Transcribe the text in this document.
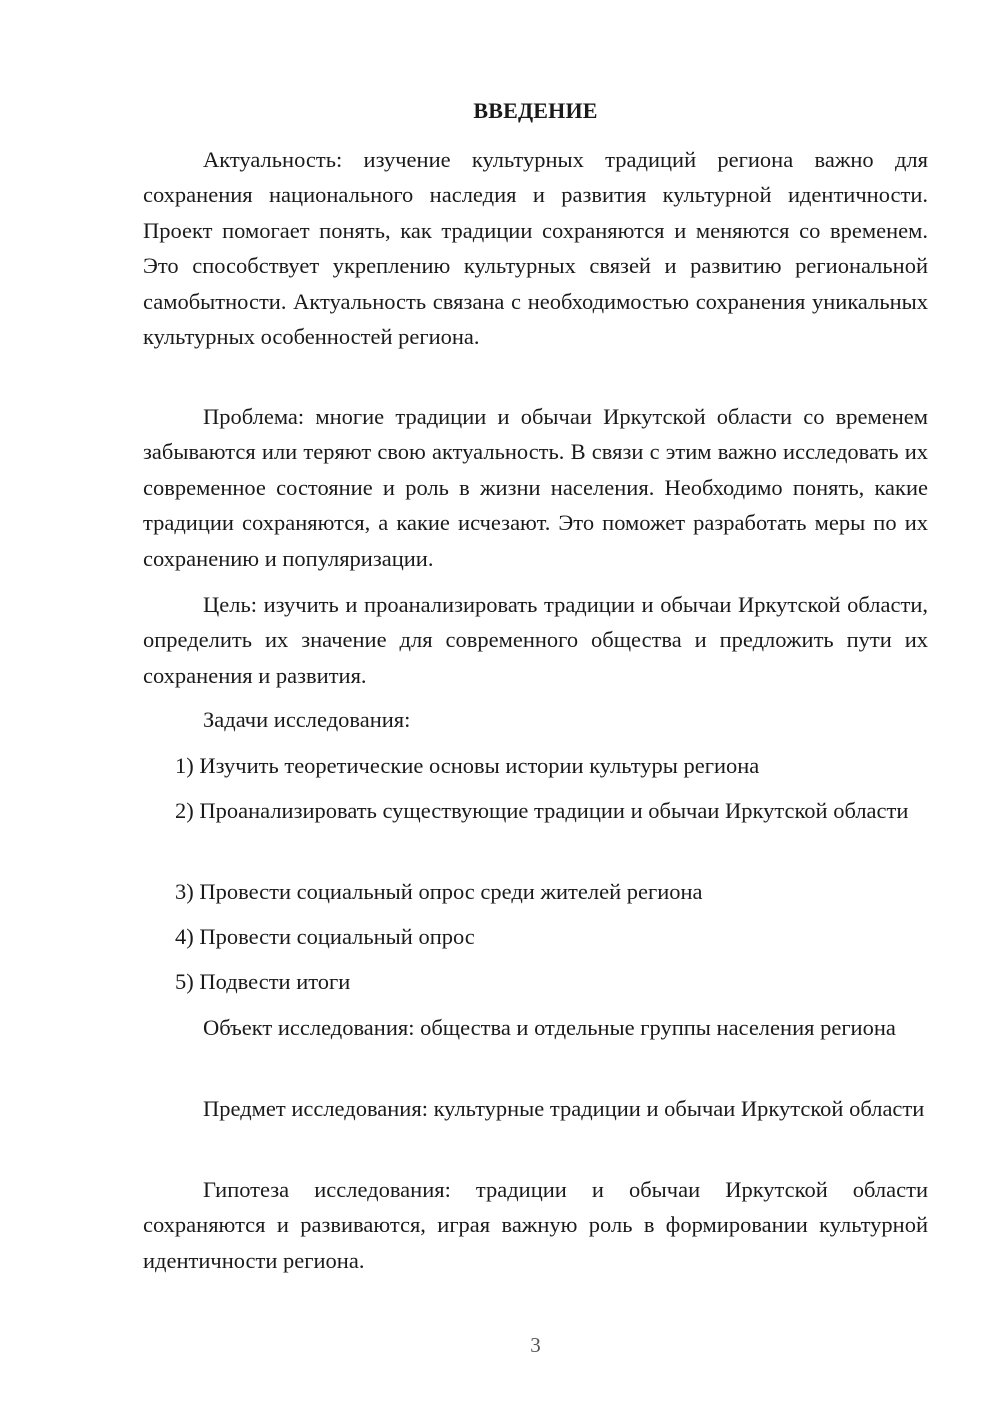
ВВЕДЕНИЕ

Актуальность: изучение культурных традиций региона важно для сохранения национального наследия и развития культурной идентичности. Проект помогает понять, как традиции сохраняются и меняются со временем. Это способствует укреплению культурных связей и развитию региональной самобытности. Актуальность связана с необходимостью сохранения уникальных культурных особенностей региона.

Проблема: многие традиции и обычаи Иркутской области со временем забываются или теряют свою актуальность. В связи с этим важно исследовать их современное состояние и роль в жизни населения. Необходимо понять, какие традиции сохраняются, а какие исчезают. Это поможет разработать меры по их сохранению и популяризации.

Цель: изучить и проанализировать традиции и обычаи Иркутской области, определить их значение для современного общества и предложить пути их сохранения и развития.

Задачи исследования:

1) Изучить теоретические основы истории культуры региона

2) Проанализировать существующие традиции и обычаи Иркутской области

3) Провести социальный опрос среди жителей региона

4) Провести социальный опрос

5) Подвести итоги

Объект исследования: общества и отдельные группы населения региона

Предмет исследования: культурные традиции и обычаи Иркутской области

Гипотеза исследования: традиции и обычаи Иркутской области сохраняются и развиваются, играя важную роль в формировании культурной идентичности региона.

3
